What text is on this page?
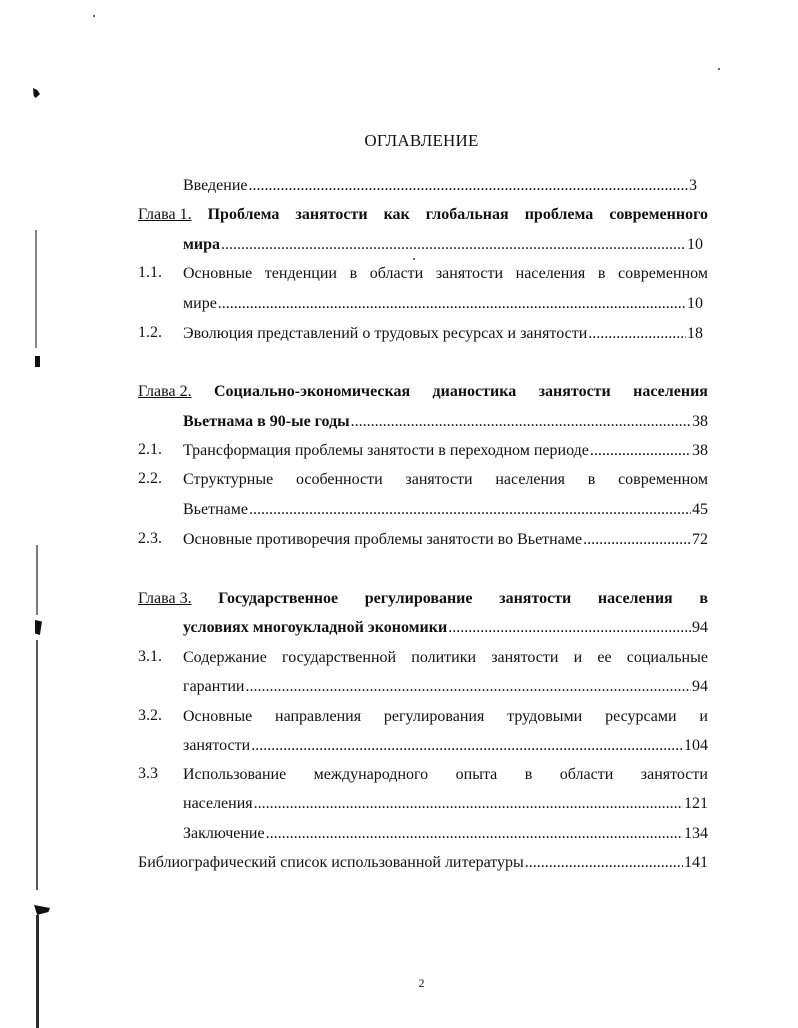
ОГЛАВЛЕНИЕ
Введение .....	3
Глава 1. Проблема занятости как глобальная проблема современного
мира .....	10
1.1. Основные тенденции в области занятости населения в современном
мире .....	10
1.2. Эволюция представлений о трудовых ресурсах и занятости .....	18
Глава 2. Социально-экономическая дианостика занятости населения
Вьетнама в 90-ые годы .....	38
2.1. Трансформация проблемы занятости в переходном периоде .....	38
2.2. Структурные особенности занятости населения в современном
Вьетнаме .....	45
2.3. Основные противоречия проблемы занятости во Вьетнаме .....	72
Глава 3. Государственное регулирование занятости населения в
условиях многоукладной экономики .....	94
3.1. Содержание государственной политики занятости и ее социальные
гарантии .....	94
3.2. Основные направления регулирования трудовыми ресурсами и
занятости .....	104
3.3 Использование международного опыта в области занятости
населения .....	121
Заключение .....	134
Библиографический список использованной литературы .....	141
2
